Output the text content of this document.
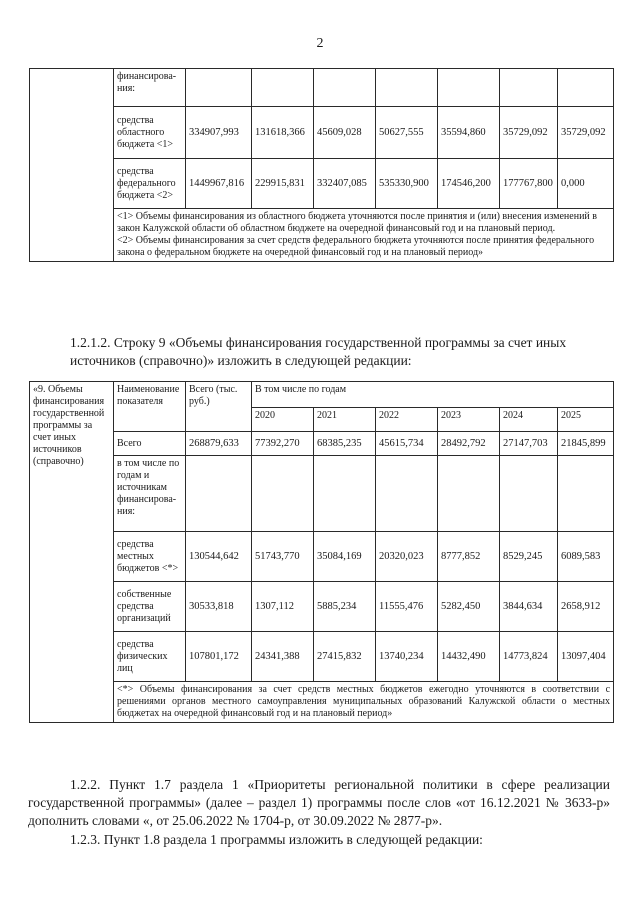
2
	финансирова-ния:							
	средства областного бюджета <1>	334907,993	131618,366	45609,028	50627,555	35594,860	35729,092	35729,092
	средства федерального бюджета <2>	1449967,816	229915,831	332407,085	535330,900	174546,200	177767,800	0,000

	<1> Объемы финансирования из областного бюджета уточняются после принятия и (или) внесения изменений в закон Калужской области об областном бюджете на очередной финансовый год и на плановый период.

<2> Объемы финансирования за счет средств федерального бюджета уточняются после принятия федерального закона о федеральном бюджете на очередной финансовый год и на плановый период»							

1.2.1.2. Строку 9 «Объемы финансирования государственной программы за счет иных источников (справочно)» изложить в следующей редакции:
«9. Объемы финансирования государственной программы за счет иных источников (справочно)	Наименование показателя	Всего (тыс. руб.)	В том числе по годам					
			2020	2021	2022	2023	2024	2025
	Всего	268879,633	77392,270	68385,235	45615,734	28492,792	27147,703	21845,899
	в том числе по годам и источникам финансирова-ния:							
	средства местных бюджетов <*>	130544,642	51743,770	35084,169	20320,023	8777,852	8529,245	6089,583
	собственные средства организаций	30533,818	1307,112	5885,234	11555,476	5282,450	3844,634	2658,912
	средства физических лиц	107801,172	24341,388	27415,832	13740,234	14432,490	14773,824	13097,404
	<*> Объемы финансирования за счет средств местных бюджетов ежегодно уточняются в соответствии с решениями органов местного самоуправления муниципальных образований Калужской области о местных бюджетах на очередной финансовый год и на плановый период»							
1.2.2. Пункт 1.7 раздела 1 «Приоритеты региональной политики в сфере реализации государственной программы» (далее – раздел 1) программы после слов «от 16.12.2021 № 3633-р» дополнить словами «, от 25.06.2022 № 1704-р, от 30.09.2022 № 2877-р».
1.2.3. Пункт 1.8 раздела 1 программы изложить в следующей редакции:
